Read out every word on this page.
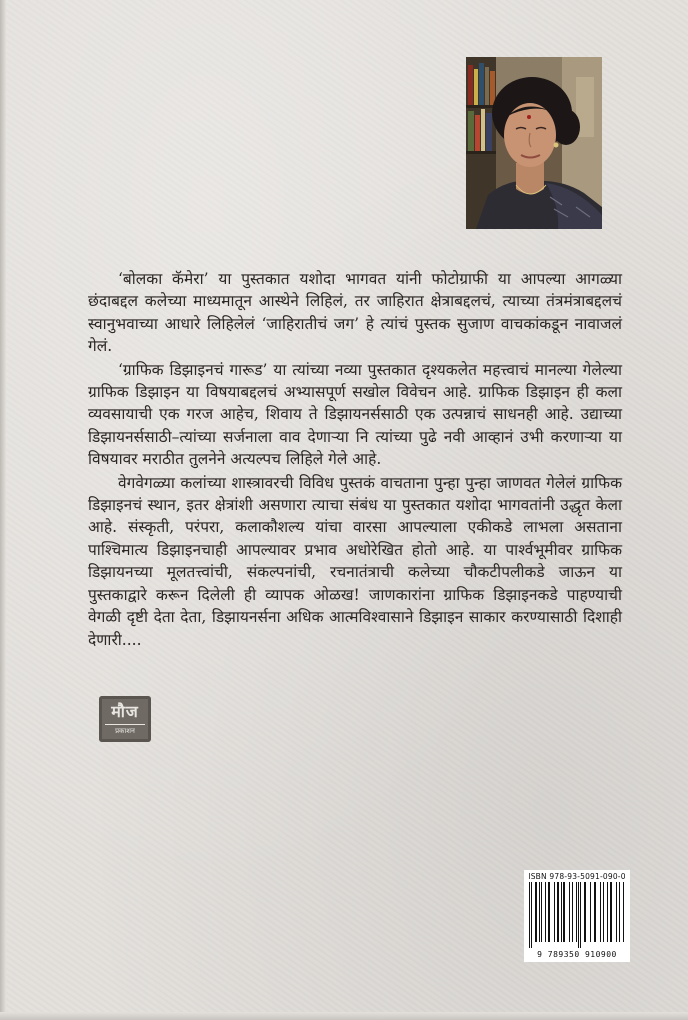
‘बोलका कॅमेरा’ या पुस्तकात यशोदा भागवत यांनी फोटोग्राफी या आपल्या आगळ्या छंदाबद्दल कलेच्या माध्यमातून आस्थेने लिहिलं, तर जाहिरात क्षेत्राबद्दलचं, त्याच्या तंत्रमंत्राबद्दलचं स्वानुभवाच्या आधारे लिहिलेलं ‘जाहिरातीचं जग’ हे त्यांचं पुस्तक सुजाण वाचकांकडून नावाजलं गेलं.

‘ग्राफिक डिझाइनचं गारूड’ या त्यांच्या नव्या पुस्तकात दृश्यकलेत महत्त्वाचं मानल्या गेलेल्या ग्राफिक डिझाइन या विषयाबद्दलचं अभ्यासपूर्ण सखोल विवेचन आहे. ग्राफिक डिझाइन ही कला व्यवसायाची एक गरज आहेच, शिवाय ते डिझायनर्ससाठी एक उत्पन्नाचं साधनही आहे. उद्याच्या डिझायनर्ससाठी–त्यांच्या सर्जनाला वाव देणाऱ्या नि त्यांच्या पुढे नवी आव्हानं उभी करणाऱ्या या विषयावर मराठीत तुलनेने अत्यल्पच लिहिले गेले आहे.

वेगवेगळ्या कलांच्या शास्त्रावरची विविध पुस्तकं वाचताना पुन्हा पुन्हा जाणवत गेलेलं ग्राफिक डिझाइनचं स्थान, इतर क्षेत्रांशी असणारा त्याचा संबंध या पुस्तकात यशोदा भागवतांनी उद्धृत केला आहे. संस्कृती, परंपरा, कलाकौशल्य यांचा वारसा आपल्याला एकीकडे लाभला असताना पाश्चिमात्य डिझाइनचाही आपल्यावर प्रभाव अधोरेखित होतो आहे. या पार्श्वभूमीवर ग्राफिक डिझायनच्या मूलतत्त्वांची, संकल्पनांची, रचनातंत्राची कलेच्या चौकटीपलीकडे जाऊन या पुस्तकाद्वारे करून दिलेली ही व्यापक ओळख! जाणकारांना ग्राफिक डिझाइनकडे पाहण्याची वेगळी दृष्टी देता देता, डिझायनर्सना अधिक आत्मविश्वासाने डिझाइन साकार करण्यासाठी दिशाही देणारी....

मौज
प्रकाशन
ISBN 978-93-5091-090-0
9 789350 910900
